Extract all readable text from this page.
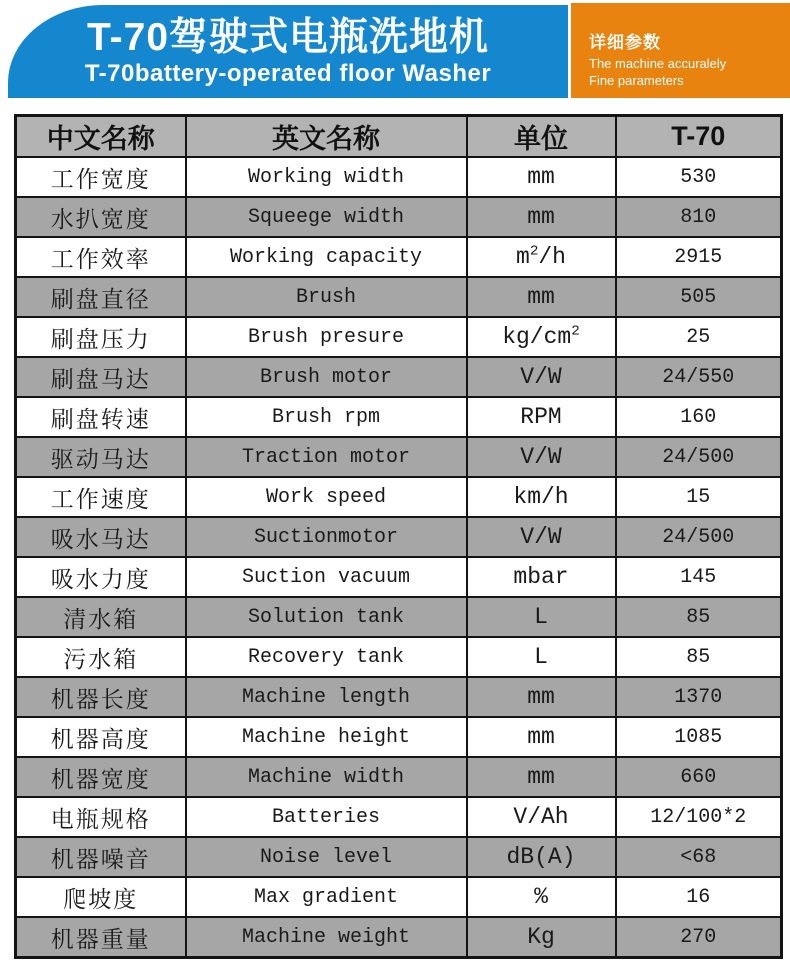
T-70驾驶式电瓶洗地机
T-70battery-operated floor Washer
详细参数
The machine accuralely
Fine parameters
中文名称	英文名称	单位	T-70
工作宽度	Working width	mm	530
水扒宽度	Squeege width	mm	810
工作效率	Working capacity	$m^2/h$	2915
刷盘直径	Brush	mm	505
刷盘压力	Brush presure	$kg/cm^2$	25
刷盘马达	Brush motor	V/W	24/550
刷盘转速	Brush rpm	RPM	160
驱动马达	Traction motor	V/W	24/500
工作速度	Work speed	km/h	15
吸水马达	Suctionmotor	V/W	24/500
吸水力度	Suction vacuum	mbar	145
清水箱	Solution tank	L	85
污水箱	Recovery tank	L	85
机器长度	Machine length	mm	1370
机器高度	Machine height	mm	1085
机器宽度	Machine width	mm	660
电瓶规格	Batteries	V/Ah	12/100*2
机器噪音	Noise level	dB(A)	<68
爬坡度	Max gradient	%	16
机器重量	Machine weight	Kg	270
